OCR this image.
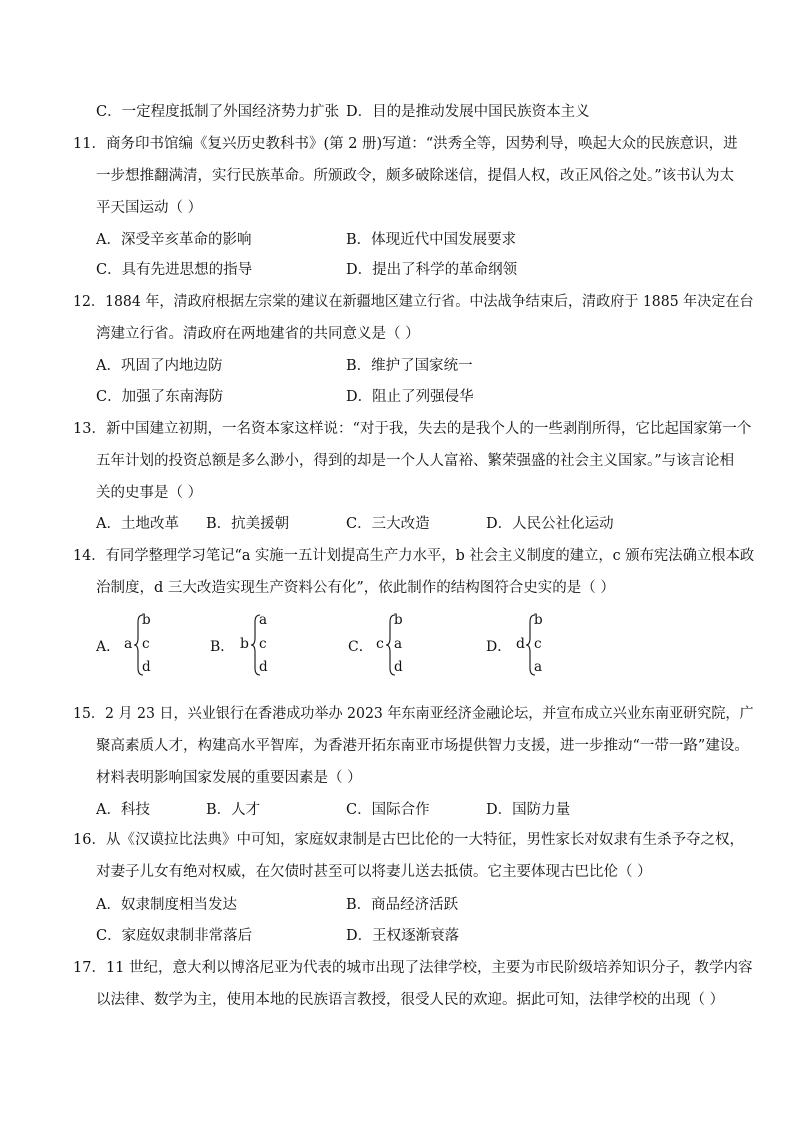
C．一定程度抵制了外国经济势力扩张 D．目的是推动发展中国民族资本主义
11．商务印书馆编《复兴历史教科书》(第 2 册)写道：“洪秀全等，因势利导，唤起大众的民族意识，进
一步想推翻满清，实行民族革命。所颁政令，颇多破除迷信，提倡人权，改正风俗之处。”该书认为太
平天国运动（ ）
A．深受辛亥革命的影响	B．体现近代中国发展要求
C．具有先进思想的指导	D．提出了科学的革命纲领
12．1884 年，清政府根据左宗棠的建议在新疆地区建立行省。中法战争结束后，清政府于 1885 年决定在台
湾建立行省。清政府在两地建省的共同意义是（ ）
A．巩固了内地边防	B．维护了国家统一
C．加强了东南海防	D．阻止了列强侵华
13．新中国建立初期，一名资本家这样说：“对于我，失去的是我个人的一些剥削所得，它比起国家第一个
五年计划的投资总额是多么渺小，得到的却是一个人人富裕、繁荣强盛的社会主义国家。”与该言论相
关的史事是（ ）
A．土地改革 B．抗美援朝	C．三大改造	D．人民公社化运动
14．有同学整理学习笔记“a 实施一五计划提高生产力水平，b 社会主义制度的建立，c 颁布宪法确立根本政
治制度，d 三大改造实现生产资料公有化”，依此制作的结构图符合史实的是（ ）
A． a
b
c
d
B． b
a
c
d
C． c
b
a
d
D． d
b
c
a
15．2 月 23 日，兴业银行在香港成功举办 2023 年东南亚经济金融论坛，并宣布成立兴业东南亚研究院，广
聚高素质人才，构建高水平智库，为香港开拓东南亚市场提供智力支援，进一步推动“一带一路”建设。
材料表明影响国家发展的重要因素是（ ）
A．科技	B．人才	C．国际合作	D．国防力量
16．从《汉谟拉比法典》中可知，家庭奴隶制是古巴比伦的一大特征，男性家长对奴隶有生杀予夺之权，
对妻子儿女有绝对权威，在欠债时甚至可以将妻儿送去抵债。它主要体现古巴比伦（ ）
A．奴隶制度相当发达	B．商品经济活跃
C．家庭奴隶制非常落后	D．王权逐渐衰落
17．11 世纪，意大利以博洛尼亚为代表的城市出现了法律学校，主要为市民阶级培养知识分子，教学内容
以法律、数学为主，使用本地的民族语言教授，很受人民的欢迎。据此可知，法律学校的出现（ ）
